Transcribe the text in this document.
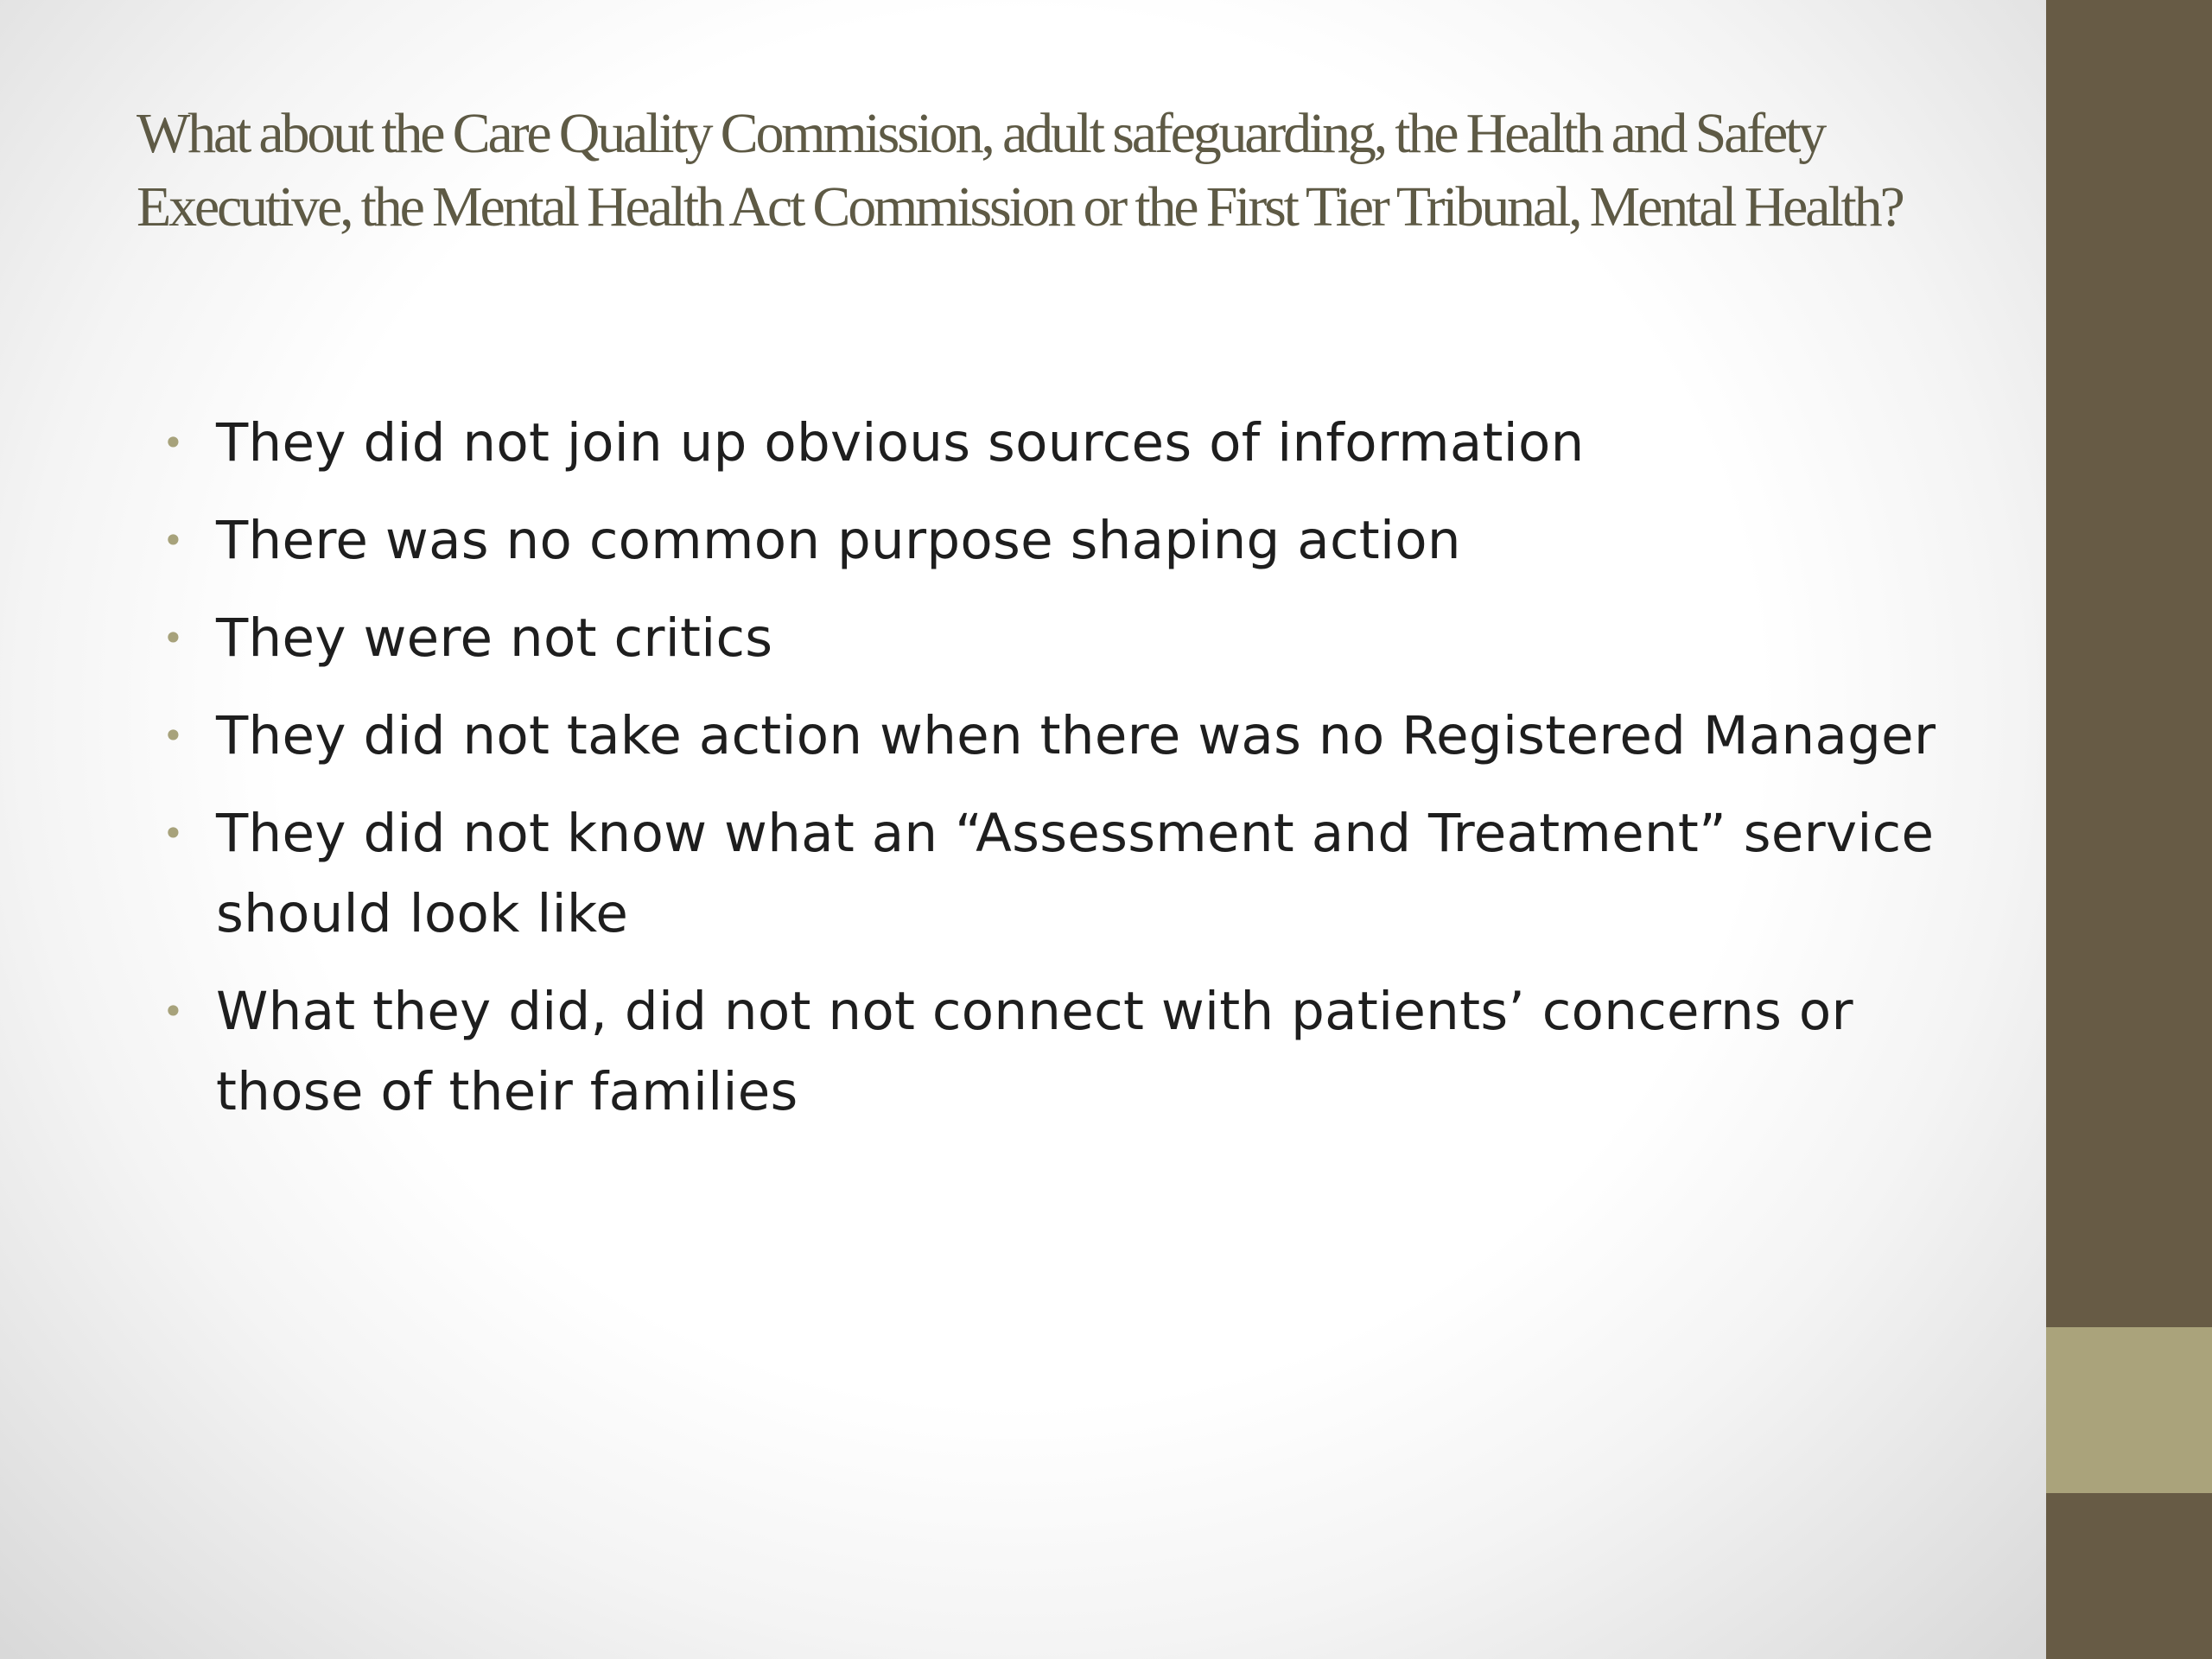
What about the Care Quality Commission, adult safeguarding, the Health and Safety Executive, the Mental Health Act Commission or the First Tier Tribunal, Mental Health?
• They did not join up obvious sources of information
• There was no common purpose shaping action
• They were not critics
• They did not take action when there was no Registered Manager
• They did not know what an “Assessment and Treatment” service should look like
• What they did, did not not connect with patients’ concerns or those of their families
